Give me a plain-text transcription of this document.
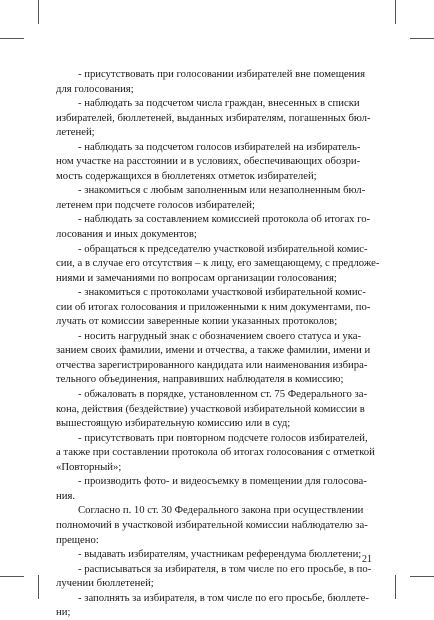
- присутствовать при голосовании избирателей вне помещения
для голосования;
- наблюдать за подсчетом числа граждан, внесенных в списки
избирателей, бюллетеней, выданных избирателям, погашенных бюл-
летеней;
- наблюдать за подсчетом голосов избирателей на избиратель-
ном участке на расстоянии и в условиях, обеспечивающих обозри-
мость содержащихся в бюллетенях отметок избирателей;
- знакомиться с любым заполненным или незаполненным бюл-
летенем при подсчете голосов избирателей;
- наблюдать за составлением комиссией протокола об итогах го-
лосования и иных документов;
- обращаться к председателю участковой избирательной комис-
сии, а в случае его отсутствия – к лицу, его замещающему, с предложе-
ниями и замечаниями по вопросам организации голосования;
- знакомиться с протоколами участковой избирательной комис-
сии об итогах голосования и приложенными к ним документами, по-
лучать от комиссии заверенные копии указанных протоколов;
- носить нагрудный знак с обозначением своего статуса и ука-
занием своих фамилии, имени и отчества, а также фамилии, имени и
отчества зарегистрированного кандидата или наименования избира-
тельного объединения, направивших наблюдателя в комиссию;
- обжаловать в порядке, установленном ст. 75 Федерального за-
кона, действия (бездействие) участковой избирательной комиссии в
вышестоящую избирательную комиссию или в суд;
- присутствовать при повторном подсчете голосов избирателей,
а также при составлении протокола об итогах голосования с отметкой
«Повторный»;
- производить фото- и видеосъемку в помещении для голосова-
ния.
Согласно п. 10 ст. 30 Федерального закона при осуществлении
полномочий в участковой избирательной комиссии наблюдателю за-
прещено:
- выдавать избирателям, участникам референдума бюллетени;
- расписываться за избирателя, в том числе по его просьбе, в по-
лучении бюллетеней;
- заполнять за избирателя, в том числе по его просьбе, бюллете-
ни;
21
